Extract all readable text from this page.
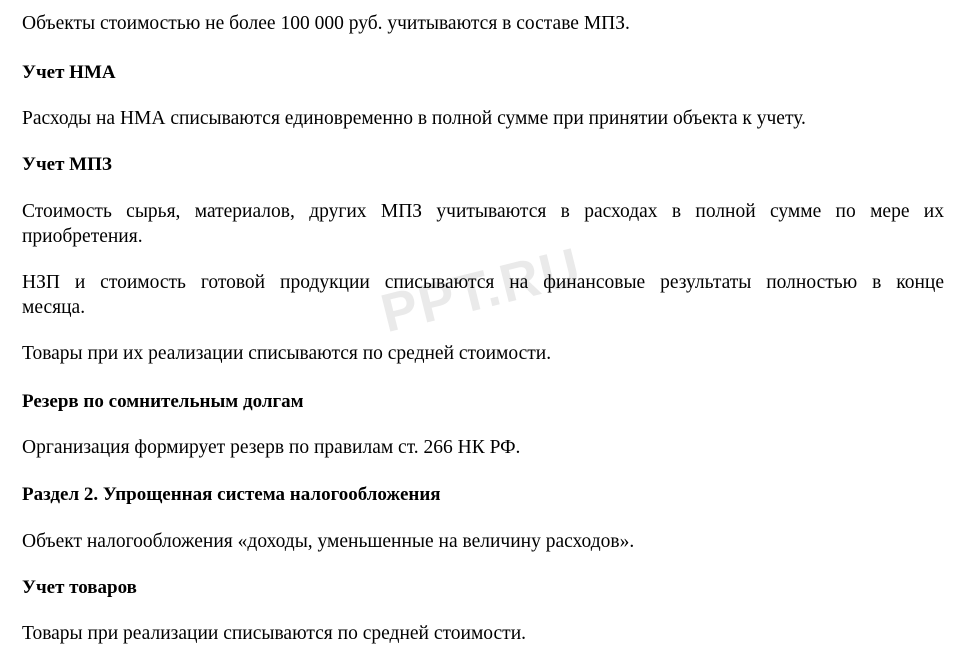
PPT.RU
Объекты стоимостью не более 100 000 руб. учитываются в составе МПЗ.
Учет НМА
Расходы на НМА списываются единовременно в полной сумме при принятии объекта к учету.
Учет МПЗ
Стоимость сырья, материалов, других МПЗ учитываются в расходах в полной сумме по мере их
приобретения.
НЗП и стоимость готовой продукции списываются на финансовые результаты полностью в конце
месяца.
Товары при их реализации списываются по средней стоимости.
Резерв по сомнительным долгам
Организация формирует резерв по правилам ст. 266 НК РФ.
Раздел 2. Упрощенная система налогообложения
Объект налогообложения «доходы, уменьшенные на величину расходов».
Учет товаров
Товары при реализации списываются по средней стоимости.
